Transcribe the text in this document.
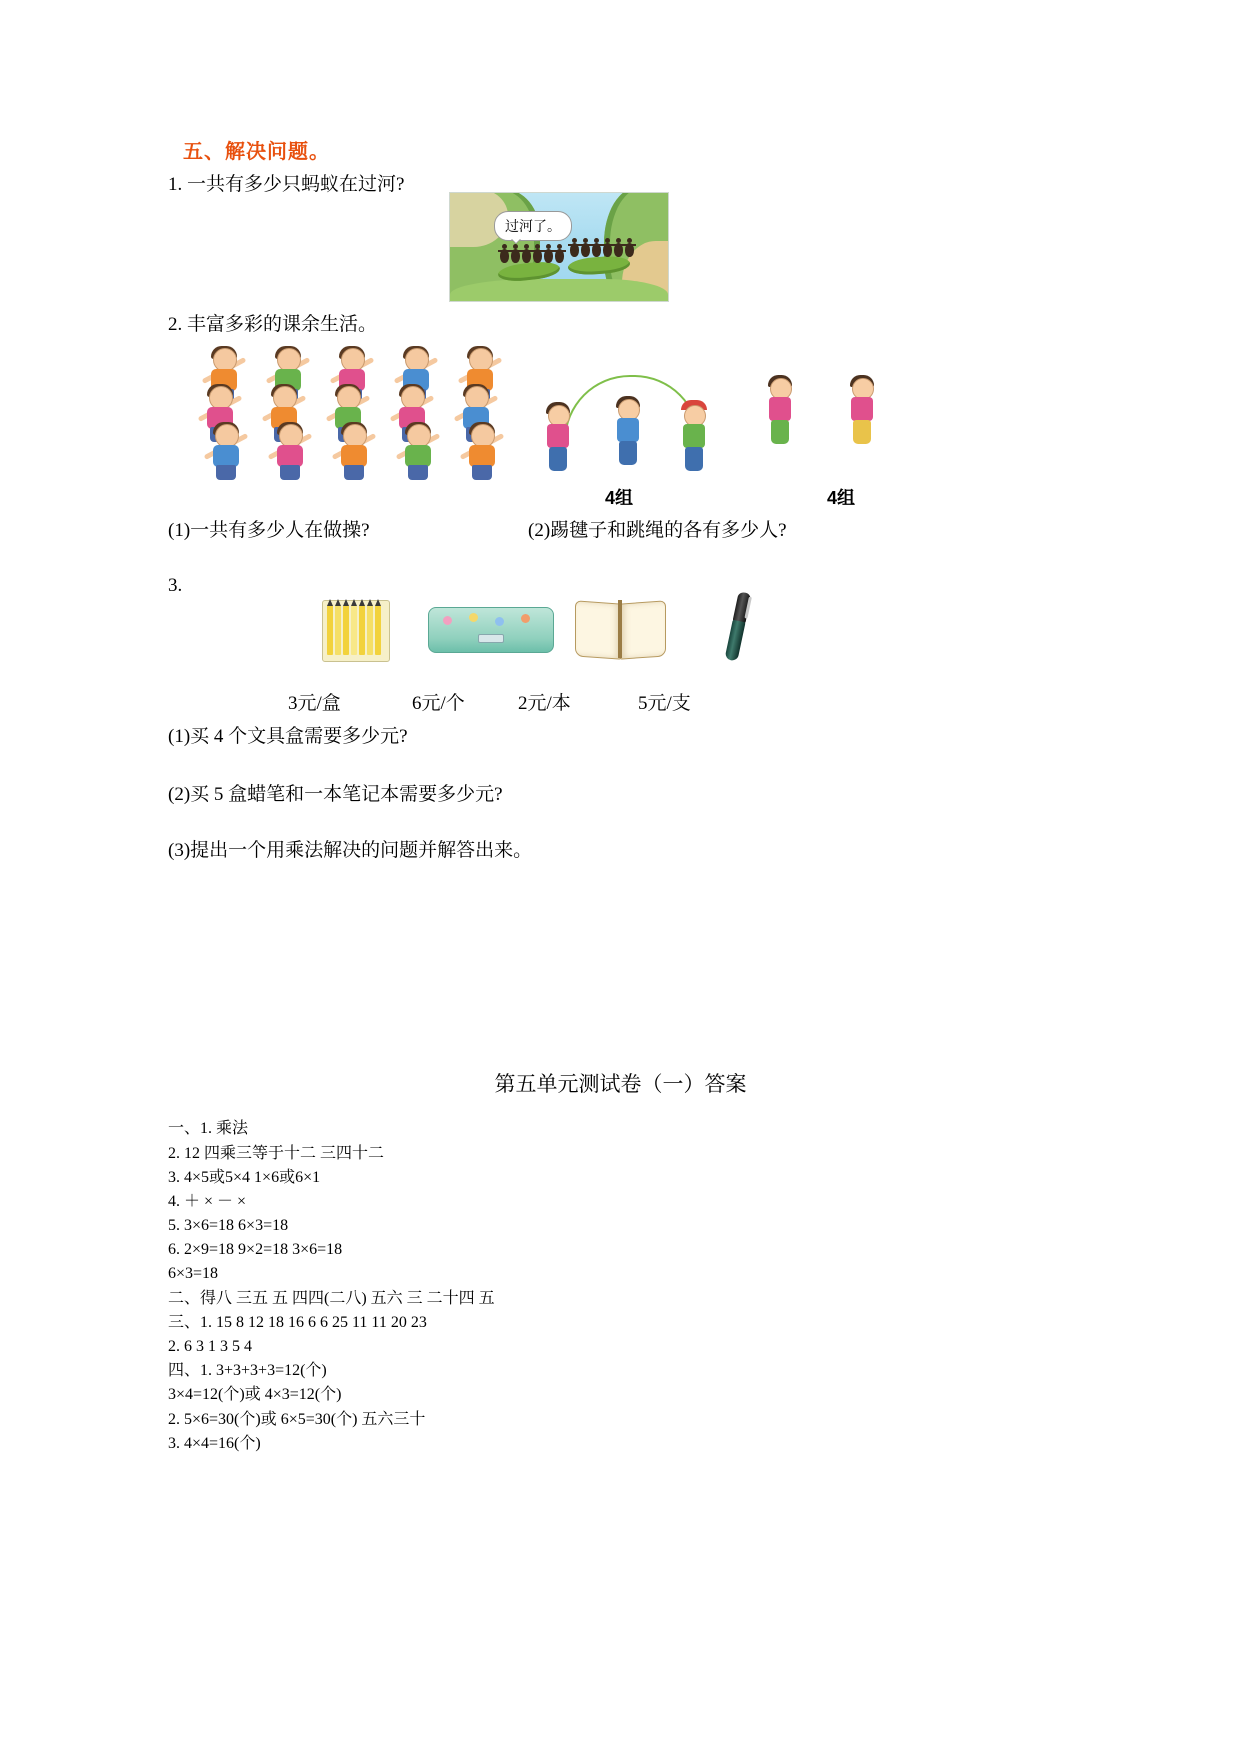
五、解决问题。
1. 一共有多少只蚂蚁在过河?
过河了。
2. 丰富多彩的课余生活。
4组	4组
(1)一共有多少人在做操?	(2)踢毽子和跳绳的各有多少人?
3.
3元/盒	6元/个	2元/本	5元/支
(1)买 4 个文具盒需要多少元?
(2)买 5 盒蜡笔和一本笔记本需要多少元?
(3)提出一个用乘法解决的问题并解答出来。
第五单元测试卷（一）答案
一、1. 乘法
2. 12 四乘三等于十二 三四十二
3. 4×5或5×4 1×6或6×1
4. ＋ × － ×
5. 3×6=18 6×3=18
6. 2×9=18 9×2=18 3×6=18
6×3=18
二、得八 三五 五 四四(二八) 五六 三 二十四 五
三、1. 15 8 12 18 16 6 6 25 11 11 20 23
2. 6 3 1 3 5 4
四、1. 3+3+3+3=12(个)
3×4=12(个)或 4×3=12(个)
2. 5×6=30(个)或 6×5=30(个) 五六三十
3. 4×4=16(个)
